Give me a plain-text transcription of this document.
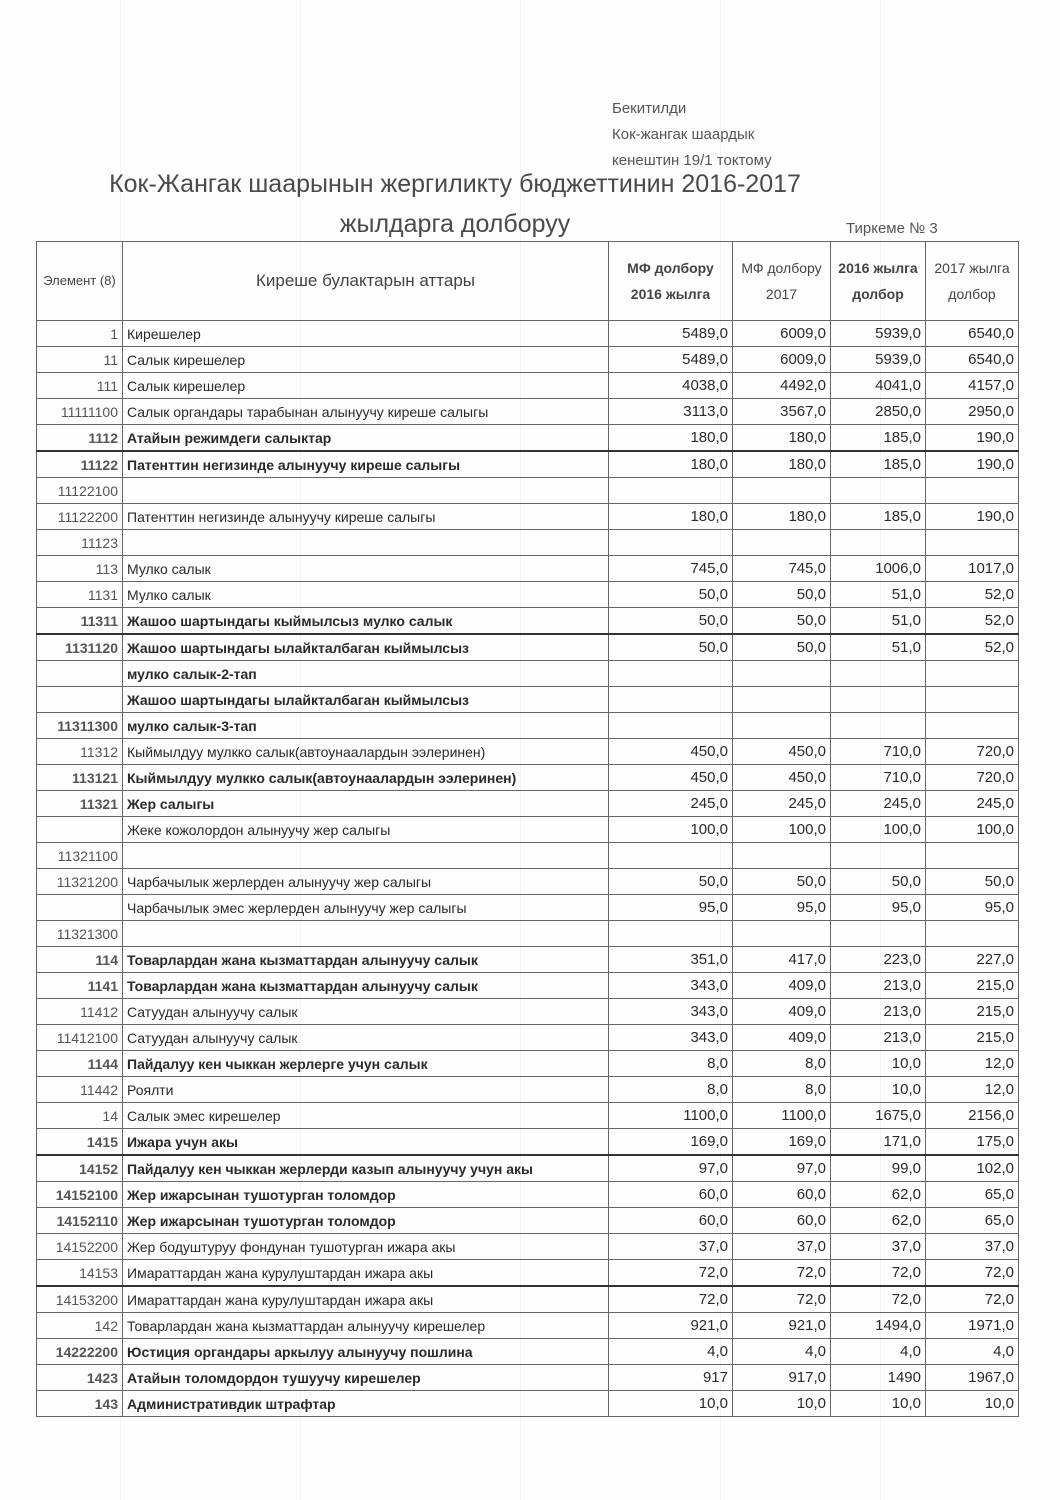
Бекитилди
Кок-жангак шаардык
кенештин 19/1 токтому
Кок-Жангак шаарынын жергиликту бюджеттинин 2016-2017
жылдарга долборуу	Тиркеме № 3
Элемент (8)	Киреше булактарын аттары	МФ долбору 2016 жылга	МФ долбору 2017	2016 жылга долбор	2017 жылга долбор
1	Кирешелер	5489,0	6009,0	5939,0	6540,0
11	Салык кирешелер	5489,0	6009,0	5939,0	6540,0
111	Салык кирешелер	4038,0	4492,0	4041,0	4157,0
11111100	Салык органдары тарабынан алынуучу киреше салыгы	3113,0	3567,0	2850,0	2950,0
1112	Атайын режимдеги салыктар	180,0	180,0	185,0	190,0
11122	Патенттин негизинде алынуучу киреше салыгы	180,0	180,0	185,0	190,0
11122100					
11122200	Патенттин негизинде алынуучу киреше салыгы	180,0	180,0	185,0	190,0
11123					
113	Мулко салык	745,0	745,0	1006,0	1017,0
1131	Мулко салык	50,0	50,0	51,0	52,0
11311	Жашоо шартындагы кыймылсыз мулко салык	50,0	50,0	51,0	52,0
1131120	Жашоо шартындагы ылайкталбаган кыймылсыз	50,0	50,0	51,0	52,0
	мулко салык-2-тап				
	Жашоо шартындагы ылайкталбаган кыймылсыз				
11311300	мулко салык-3-тап				
11312	Кыймылдуу мулкко салык(автоунаалардын ээлеринен)	450,0	450,0	710,0	720,0
113121	Кыймылдуу мулкко салык(автоунаалардын ээлеринен)	450,0	450,0	710,0	720,0
11321	Жер салыгы	245,0	245,0	245,0	245,0
	Жеке кожолордон алынуучу жер салыгы	100,0	100,0	100,0	100,0
11321100					
11321200	Чарбачылык жерлерден алынуучу жер салыгы	50,0	50,0	50,0	50,0
	Чарбачылык эмес жерлерден алынуучу жер салыгы	95,0	95,0	95,0	95,0
11321300					
114	Товарлардан жана кызматтардан алынуучу салык	351,0	417,0	223,0	227,0
1141	Товарлардан жана кызматтардан алынуучу салык	343,0	409,0	213,0	215,0
11412	Сатуудан алынуучу салык	343,0	409,0	213,0	215,0
11412100	Сатуудан алынуучу салык	343,0	409,0	213,0	215,0
1144	Пайдалуу кен чыккан жерлерге учун салык	8,0	8,0	10,0	12,0
11442	Роялти	8,0	8,0	10,0	12,0
14	Салык эмес кирешелер	1100,0	1100,0	1675,0	2156,0
1415	Ижара учун акы	169,0	169,0	171,0	175,0
14152	Пайдалуу кен чыккан жерлерди казып алынуучу учун акы	97,0	97,0	99,0	102,0
14152100	Жер ижарсынан тушотурган толомдор	60,0	60,0	62,0	65,0
14152110	Жер ижарсынан тушотурган толомдор	60,0	60,0	62,0	65,0
14152200	Жер бодуштуруу фондунан тушотурган ижара акы	37,0	37,0	37,0	37,0
14153	Имараттардан жана курулуштардан ижара акы	72,0	72,0	72,0	72,0
14153200	Имараттардан жана курулуштардан ижара акы	72,0	72,0	72,0	72,0
142	Товарлардан жана кызматтардан алынуучу кирешелер	921,0	921,0	1494,0	1971,0
14222200	Юстиция органдары аркылуу алынуучу пошлина	4,0	4,0	4,0	4,0
1423	Атайын толомдордон тушуучу кирешелер	917	917,0	1490	1967,0
143	Административдик штрафтар	10,0	10,0	10,0	10,0
